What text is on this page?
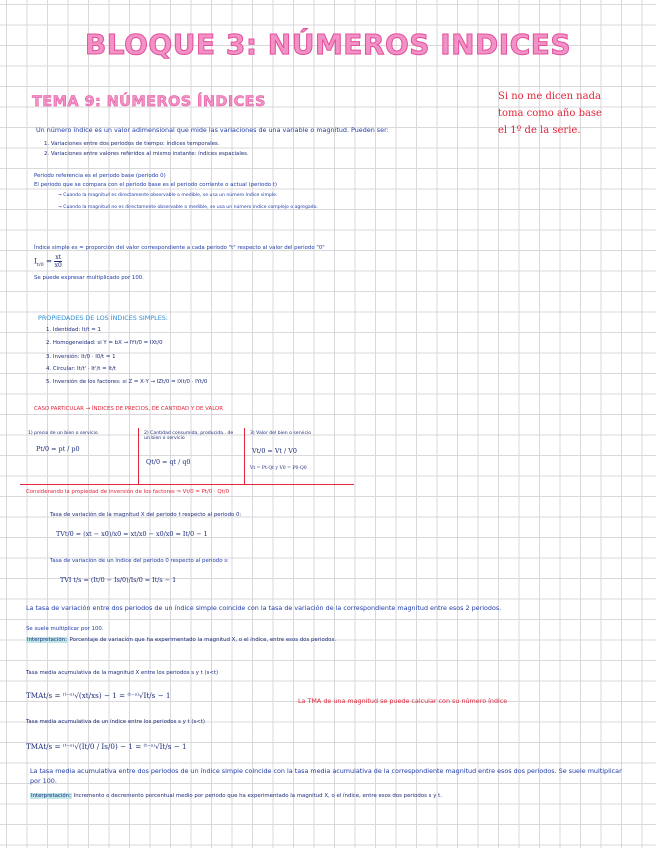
BLOQUE 3: NÚMEROS INDICES
TEMA 9: NÚMEROS ÍNDICES	Si no me dicen nada
toma como año base
el 1º de la serie.
Un número índice es un valor adimensional que mide las variaciones de una variable o magnitud. Pueden ser:
1. Variaciones entre dos periodos de tiempo: índices temporales.
2. Variaciones entre valores referidos al mismo instante: índices espaciales.
Periodo referencia es el periodo base (periodo 0)
El periodo que se compara con el periodo base es el periodo corriente o actual (periodo t)
→ Cuando la magnitud es directamente observable o medible, se usa un número índice simple.
→ Cuando la magnitud no es directamente observable o medible, se usa un número índice complejo o agregado.
Índice simple es = proporción del valor correspondiente a cada periodo "t" respecto al valor del periodo "0"
$I_{t/0} = \frac{xt}{x0}$
Se puede expresar multiplicado por 100.
PROPIEDADES DE LOS ÍNDICES SIMPLES:
1. Identidad: It/t = 1
2. Homogeneidad: si Y = bX → IYt/0 = IXt/0
3. Inversión: It/0 · I0/t = 1
4. Circular: It/t' · It'/t = It/t
5. Inversión de los factores: si Z = X·Y → IZt/0 = IXt/0 · IYt/0
CASO PARTICULAR → ÍNDICES DE PRECIOS, DE CANTIDAD Y DE VALOR
1) precio de un bien o servicio
Pt/0 = pt / p0
2) Cantidad consumida, producida.. de un bien o servicio
Qt/0 = qt / q0
3) Valor del bien o servicio
Vt/0 = Vt / V0
Vt = Pt·Qt y V0 = P0·Q0
Considerando la propiedad de inversión de los factores ⇒ Vt/0 = Pt/0 · Qt/0
Tasa de variación de la magnitud X del periodo t respecto al periodo 0:
TVt/0 = (xt − x0)/x0 = xt/x0 − x0/x0 = It/0 − 1
Tasa de variación de un índice del periodo 0 respecto al periodo s:
TVI t/s = (It/0 − Is/0)/Is/0 = It/s − 1
La tasa de variación entre dos periodos de un índice simple coincide con la tasa de variación de la correspondiente magnitud entre esos 2 periodos.
Se suele multiplicar por 100.
Interpretación: Porcentaje de variación que ha experimentado la magnitud X, o el índice, entre esos dos periodos.
Tasa media acumulativa de la magnitud X entre los periodos s y t (s<t)
TMAt/s = ⁽ᵗ⁻ˢ⁾√(xt/xs) − 1 = ⁽ᵗ⁻ˢ⁾√It/s − 1
La TMA de una magnitud se puede calcular con su número índice
Tasa media acumulativa de un índice entre los periodos s y t (s<t)
TMAt/s = ⁽ᵗ⁻ˢ⁾√(It/0 / Is/0) − 1 = ⁽ᵗ⁻ˢ⁾√It/s − 1
La tasa media acumulativa entre dos periodos de un índice simple coincide con la tasa media acumulativa de la correspondiente magnitud entre esos dos periodos. Se suele multiplicar por 100.
Interpretación: Incremento o decremento porcentual medio por periodo que ha experimentado la magnitud X, o el índice, entre esos dos periodos s y t.
